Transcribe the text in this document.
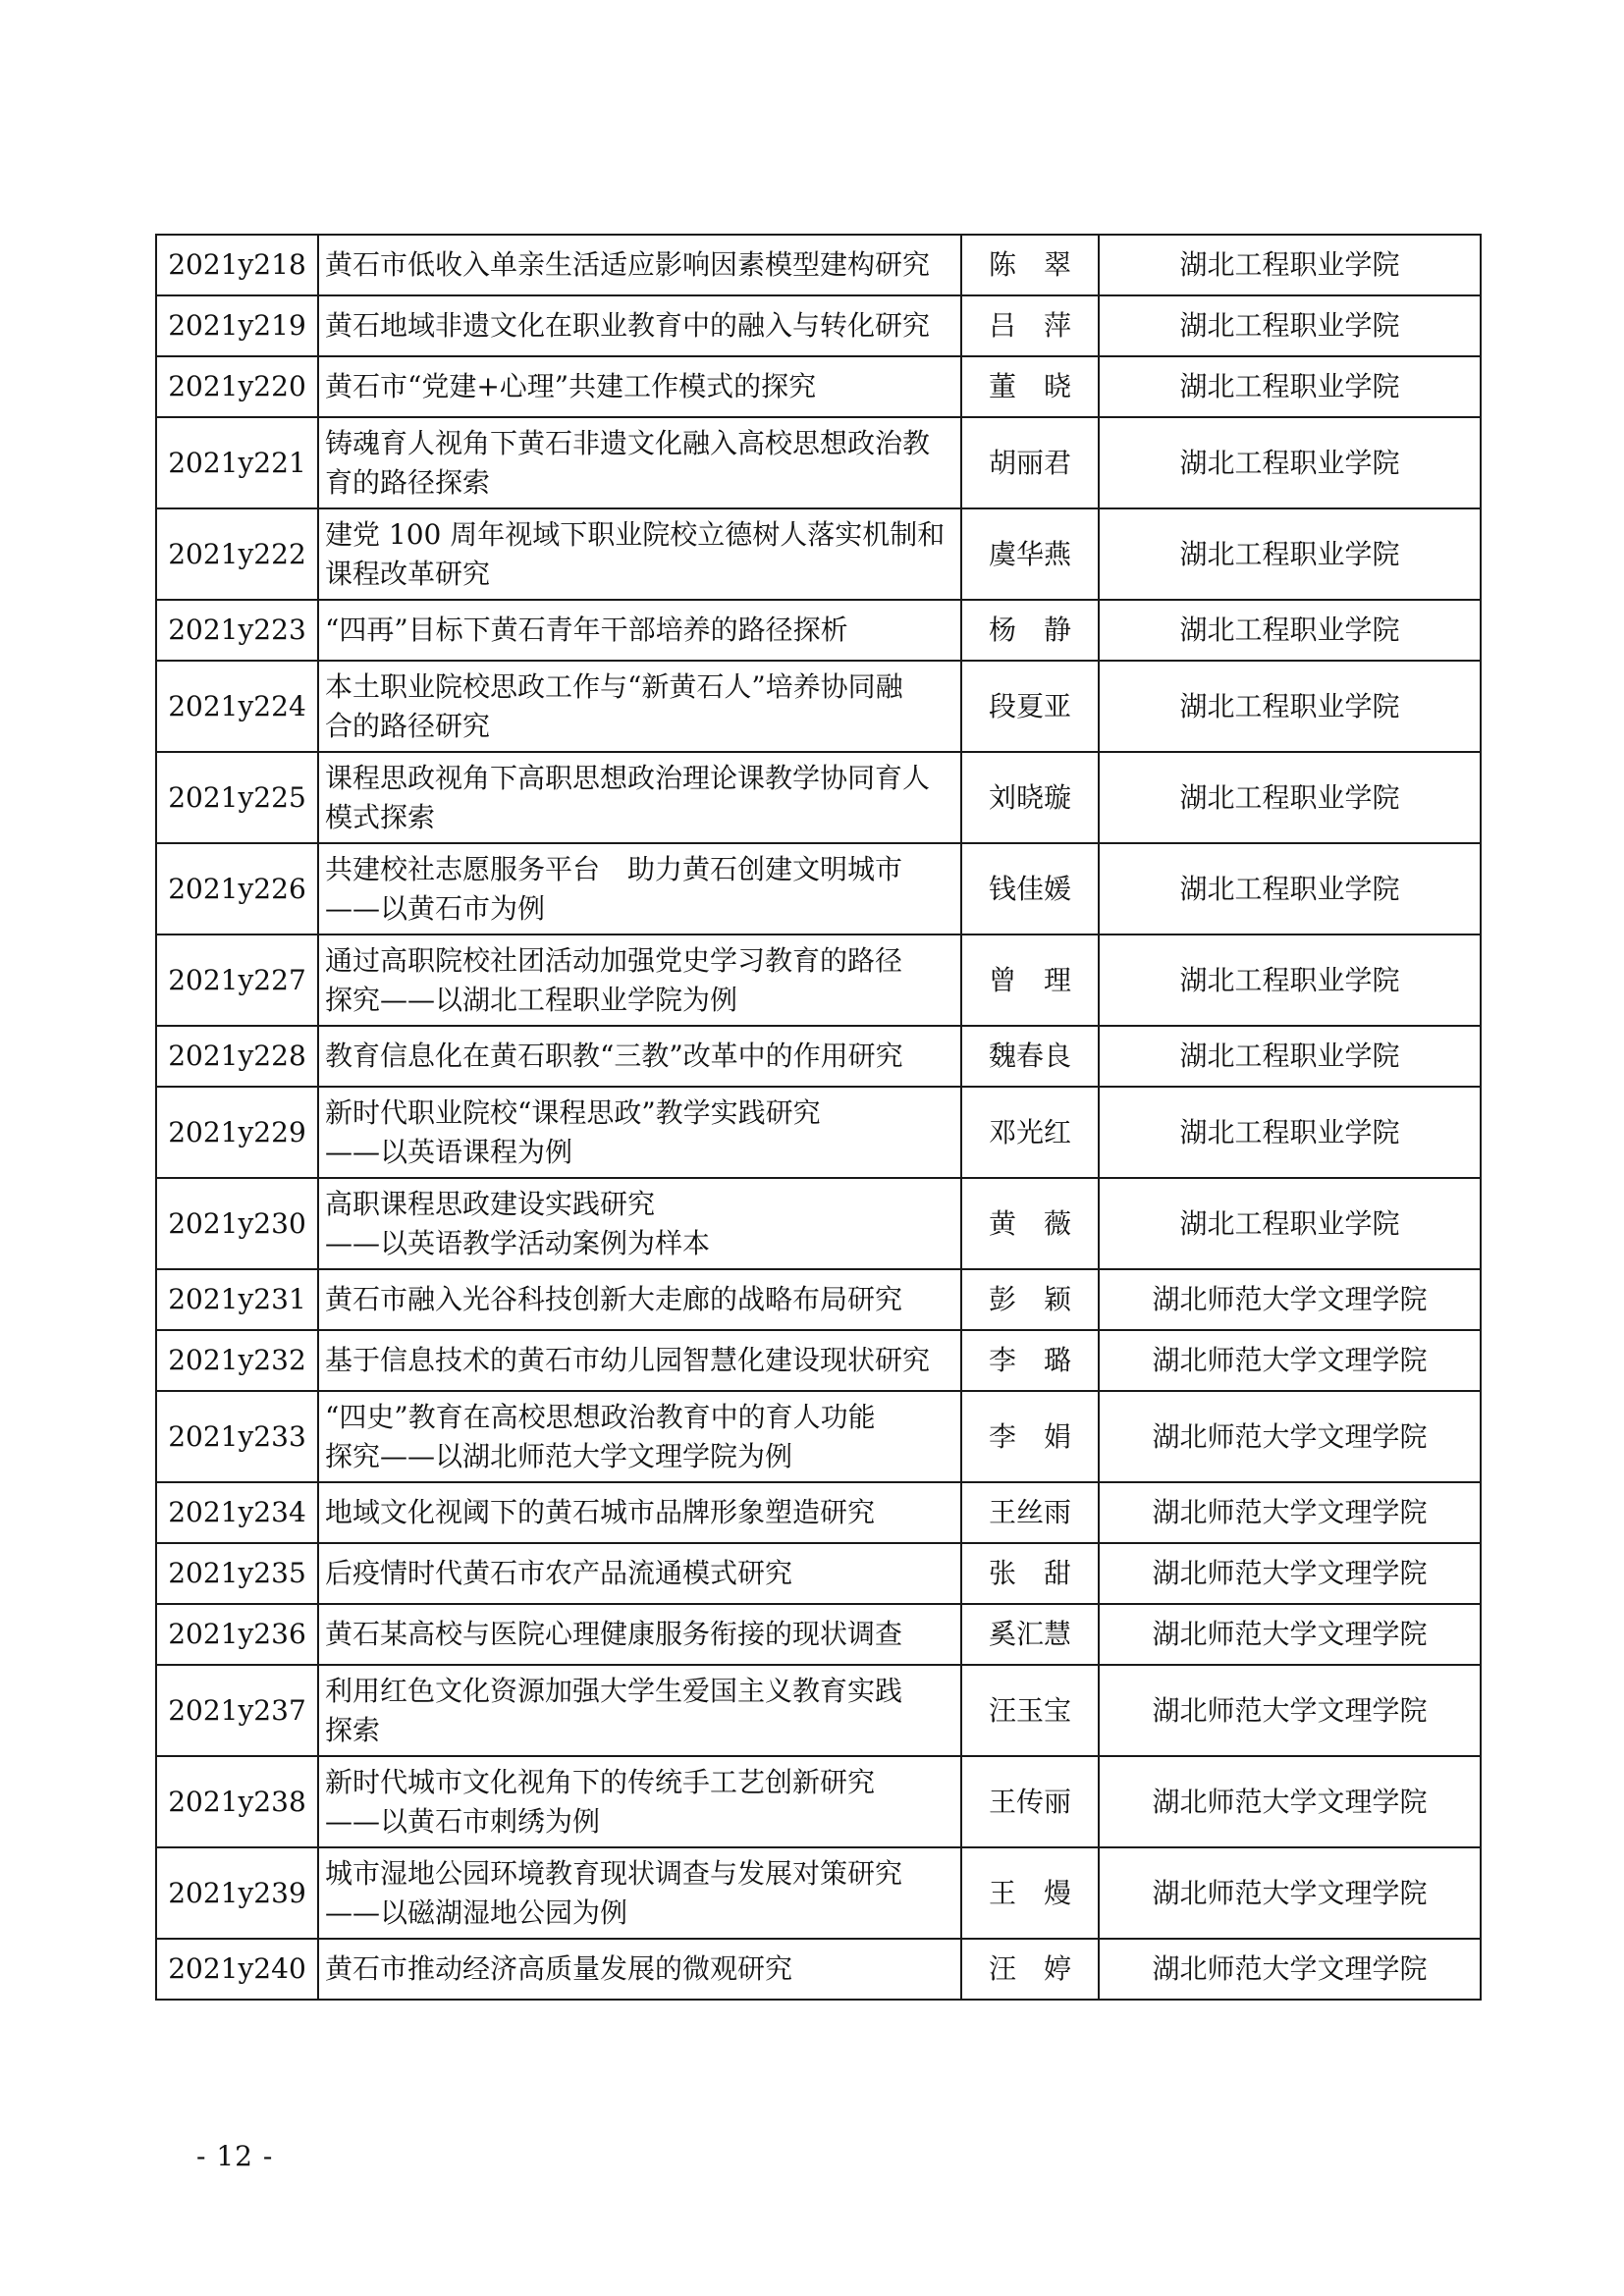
2021y218	黄石市低收入单亲生活适应影响因素模型建构研究	陈　翠	湖北工程职业学院
2021y219	黄石地域非遗文化在职业教育中的融入与转化研究	吕　萍	湖北工程职业学院
2021y220	黄石市“党建+心理”共建工作模式的探究	董　晓	湖北工程职业学院
2021y221	铸魂育人视角下黄石非遗文化融入高校思想政治教
育的路径探索	胡丽君	湖北工程职业学院
2021y222	建党 100 周年视域下职业院校立德树人落实机制和
课程改革研究	虞华燕	湖北工程职业学院
2021y223	“四再”目标下黄石青年干部培养的路径探析	杨　静	湖北工程职业学院
2021y224	本土职业院校思政工作与“新黄石人”培养协同融
合的路径研究	段夏亚	湖北工程职业学院
2021y225	课程思政视角下高职思想政治理论课教学协同育人
模式探索	刘晓璇	湖北工程职业学院
2021y226	共建校社志愿服务平台　助力黄石创建文明城市
——以黄石市为例	钱佳媛	湖北工程职业学院
2021y227	通过高职院校社团活动加强党史学习教育的路径
探究——以湖北工程职业学院为例	曾　理	湖北工程职业学院
2021y228	教育信息化在黄石职教“三教”改革中的作用研究	魏春良	湖北工程职业学院
2021y229	新时代职业院校“课程思政”教学实践研究
——以英语课程为例	邓光红	湖北工程职业学院
2021y230	高职课程思政建设实践研究
——以英语教学活动案例为样本	黄　薇	湖北工程职业学院
2021y231	黄石市融入光谷科技创新大走廊的战略布局研究	彭　颖	湖北师范大学文理学院
2021y232	基于信息技术的黄石市幼儿园智慧化建设现状研究	李　璐	湖北师范大学文理学院
2021y233	“四史”教育在高校思想政治教育中的育人功能
探究——以湖北师范大学文理学院为例	李　娟	湖北师范大学文理学院
2021y234	地域文化视阈下的黄石城市品牌形象塑造研究	王丝雨	湖北师范大学文理学院
2021y235	后疫情时代黄石市农产品流通模式研究	张　甜	湖北师范大学文理学院
2021y236	黄石某高校与医院心理健康服务衔接的现状调查	奚汇慧	湖北师范大学文理学院
2021y237	利用红色文化资源加强大学生爱国主义教育实践
探索	汪玉宝	湖北师范大学文理学院
2021y238	新时代城市文化视角下的传统手工艺创新研究
——以黄石市刺绣为例	王传丽	湖北师范大学文理学院
2021y239	城市湿地公园环境教育现状调查与发展对策研究
——以磁湖湿地公园为例	王　熳	湖北师范大学文理学院
2021y240	黄石市推动经济高质量发展的微观研究	汪　婷	湖北师范大学文理学院
- 12 -
